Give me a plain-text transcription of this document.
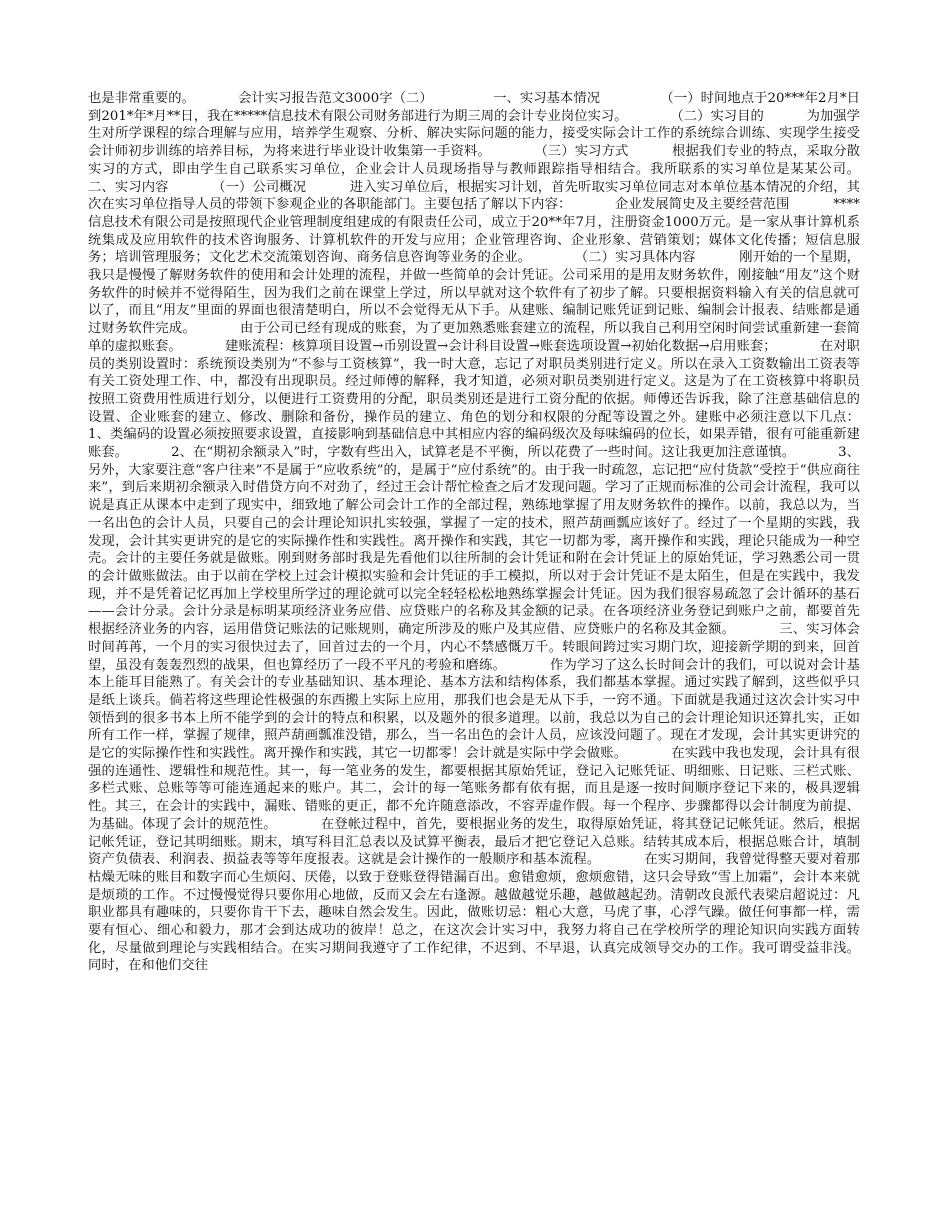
也是非常重要的。          会计实习报告范文3000字（二）              一、实习基本情况              （一）时间地点于20***年2月*日到201*年*月**日，我在*****信息技术有限公司财务部进行为期三周的会计专业岗位实习。          （二）实习目的          为加强学生对所学课程的综合理解与应用，培养学生观察、分析、解决实际问题的能力，接受实际会计工作的系统综合训练、实现学生接受会计师初步训练的培养目标，为将来进行毕业设计收集第一手资料。          （三）实习方式          根据我们专业的特点，采取分散实习的方式，即由学生自己联系实习单位，企业会计人员现场指导与教师跟踪指导相结合。我所联系的实习单位是某某公司。          二、实习内容          （一）公司概况          进入实习单位后，根据实习计划，首先听取实习单位同志对本单位基本情况的介绍，其次在实习单位指导人员的带领下参观企业的各职能部门。主要包括了解以下内容：          企业发展简史及主要经营范围          ****信息技术有限公司是按照现代企业管理制度组建成的有限责任公司，成立于20**年7月，注册资金1000万元。是一家从事计算机系统集成及应用软件的技术咨询服务、计算机软件的开发与应用；企业管理咨询、企业形象、营销策划；媒体文化传播；短信息服务；培训管理服务；文化艺术交流策划咨询、商务信息咨询等业务的企业。          （二）实习具体内容          刚开始的一个星期，我只是慢慢了解财务软件的使用和会计处理的流程，并做一些简单的会计凭证。公司采用的是用友财务软件，刚接触“用友”这个财务软件的时候并不觉得陌生，因为我们之前在课堂上学过，所以早就对这个软件有了初步了解。只要根据资料输入有关的信息就可以了，而且“用友”里面的界面也很清楚明白，所以不会觉得无从下手。从建账、编制记账凭证到记账、编制会计报表、结账都是通过财务软件完成。          由于公司已经有现成的账套，为了更加熟悉账套建立的流程，所以我自己利用空闲时间尝试重新建一套简单的虚拟账套。          建账流程：核算项目设置→币别设置→会计科目设置→账套选项设置→初始化数据→启用账套；          在对职员的类别设置时：系统预设类别为“不参与工资核算”，我一时大意，忘记了对职员类别进行定义。所以在录入工资数输出工资表等有关工资处理工作、中，都没有出现职员。经过师傅的解释，我才知道，必须对职员类别进行定义。这是为了在工资核算中将职员按照工资费用性质进行划分，以便进行工资费用的分配，职员类别还是进行工资分配的依据。师傅还告诉我，除了注意基础信息的设置、企业账套的建立、修改、删除和备份，操作员的建立、角色的划分和权限的分配等设置之外。建账中必须注意以下几点：          1、类编码的设置必须按照要求设置，直接影响到基础信息中其相应内容的编码级次及每味编码的位长，如果弄错，很有可能重新建账套。          2、在“期初余额录入”时，字数有些出入，试算老是不平衡，所以花费了一些时间。这让我更加注意谨慎。          3、另外，大家要注意“客户往来”不是属于“应收系统”的，是属于“应付系统”的。由于我一时疏忽，忘记把“应付货款”受控于“供应商往来”，到后来期初余额录入时借贷方向不对劲了，经过王会计帮忙检查之后才发现问题。学习了正规而标准的公司会计流程，我可以说是真正从课本中走到了现实中，细致地了解公司会计工作的全部过程，熟练地掌握了用友财务软件的操作。以前，我总以为，当一名出色的会计人员，只要自己的会计理论知识扎实较强，掌握了一定的技术，照芦葫画瓢应该好了。经过了一个星期的实践，我发现，会计其实更讲究的是它的实际操作性和实践性。离开操作和实践，其它一切都为零，离开操作和实践，理论只能成为一种空壳。会计的主要任务就是做账。刚到财务部时我是先看他们以往所制的会计凭证和附在会计凭证上的原始凭证，学习熟悉公司一贯的会计做账做法。由于以前在学校上过会计模拟实验和会计凭证的手工模拟，所以对于会计凭证不是太陌生，但是在实践中，我发现，并不是凭着记忆再加上学校里所学过的理论就可以完全轻轻松松地熟练掌握会计凭证。因为我们很容易疏忽了会计循环的基石——会计分录。会计分录是标明某项经济业务应借、应贷账户的名称及其金额的记录。在各项经济业务登记到账户之前，都要首先根据经济业务的内容，运用借贷记账法的记账规则，确定所涉及的账户及其应借、应贷账户的名称及其金额。          三、实习体会          时间苒苒，一个月的实习很快过去了，回首过去的一个月，内心不禁感慨万千。转眼间跨过实习期门坎，迎接新学期的到来，回首望，虽没有轰轰烈烈的战果，但也算经历了一段不平凡的考验和磨练。          作为学习了这么长时间会计的我们，可以说对会计基本上能耳目能熟了。有关会计的专业基础知识、基本理论、基本方法和结构体系，我们都基本掌握。通过实践了解到，这些似乎只是纸上谈兵。倘若将这些理论性极强的东西搬上实际上应用，那我们也会是无从下手，一窍不通。下面就是我通过这次会计实习中领悟到的很多书本上所不能学到的会计的特点和积累，以及题外的很多道理。以前，我总以为自己的会计理论知识还算扎实，正如所有工作一样，掌握了规律，照芦葫画瓢准没错，那么，当一名出色的会计人员，应该没问题了。现在才发现，会计其实更讲究的是它的实际操作性和实践性。离开操作和实践，其它一切都零！会计就是实际中学会做账。          在实践中我也发现，会计具有很强的连通性、逻辑性和规范性。其一，每一笔业务的发生，都要根据其原始凭证，登记入记账凭证、明细账、日记账、三栏式账、多栏式账、总账等等可能连通起来的账户。其二，会计的每一笔账务都有依有据，而且是逐一按时间顺序登记下来的，极具逻辑性。其三，在会计的实践中，漏账、错账的更正，都不允许随意添改，不容弄虚作假。每一个程序、步骤都得以会计制度为前提、为基础。体现了会计的规范性。          在登帐过程中，首先，要根据业务的发生，取得原始凭证，将其登记记帐凭证。然后，根据记帐凭证，登记其明细账。期末，填写科目汇总表以及试算平衡表，最后才把它登记入总账。结转其成本后，根据总账合计，填制资产负债表、利润表、损益表等等年度报表。这就是会计操作的一般顺序和基本流程。          在实习期间，我曾觉得整天要对着那枯燥无味的账目和数字而心生烦闷、厌倦，以致于登账登得错漏百出。愈错愈烦，愈烦愈错，这只会导致“雪上加霜”，会计本来就是烦琐的工作。不过慢慢觉得只要你用心地做，反而又会左右逢源。越做越觉乐趣，越做越起劲。清朝改良派代表梁启超说过：凡职业都具有趣味的，只要你肯干下去，趣味自然会发生。因此，做账切忌：粗心大意，马虎了事，心浮气躁。做任何事都一样，需要有恒心、细心和毅力，那才会到达成功的彼岸！总之，在这次会计实习中，我努力将自己在学校所学的理论知识向实践方面转化，尽量做到理论与实践相结合。在实习期间我遵守了工作纪律，不迟到、不早退，认真完成领导交办的工作。我可谓受益非浅。          同时，在和他们交往
